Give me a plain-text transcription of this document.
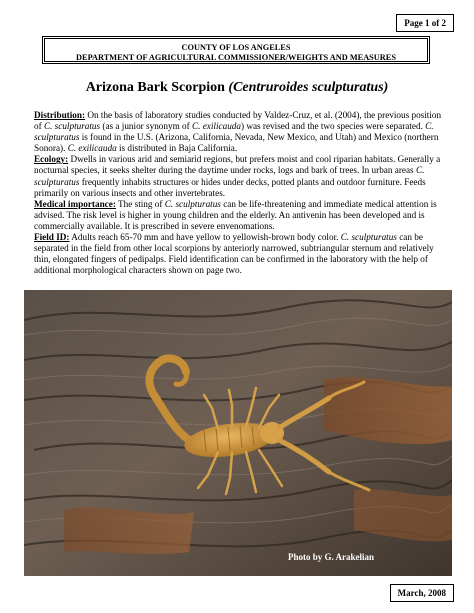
Page 1 of 2
COUNTY OF LOS ANGELES
DEPARTMENT OF AGRICULTURAL COMMISSIONER/WEIGHTS AND MEASURES
Arizona Bark Scorpion (Centruroides sculpturatus)

Distribution: On the basis of laboratory studies conducted by Valdez-Cruz, et al. (2004), the previous position of C. sculpturatus (as a junior synonym of C. exilicauda) was revised and the two species were separated. C. sculpturatus is found in the U.S. (Arizona, California, Nevada, New Mexico, and Utah) and Mexico (northern Sonora). C. exilicauda is distributed in Baja California.

Ecology: Dwells in various arid and semiarid regions, but prefers moist and cool riparian habitats. Generally a nocturnal species, it seeks shelter during the daytime under rocks, logs and bark of trees. In urban areas C. sculpturatus frequently inhabits structures or hides under decks, potted plants and outdoor furniture. Feeds primarily on various insects and other invertebrates.

Medical importance: The sting of C. sculpturatus can be life-threatening and immediate medical attention is advised. The risk level is higher in young children and the elderly. An antivenin has been developed and is commercially available. It is prescribed in severe envenomations.

Field ID: Adults reach 65-70 mm and have yellow to yellowish-brown body color. C. sculpturatus can be separated in the field from other local scorpions by anteriorly narrowed, subtriangular sternum and relatively thin, elongated fingers of pedipalps. Field identification can be confirmed in the laboratory with the help of additional morphological characters shown on page two.

Photo by G. Arakelian
March, 2008
